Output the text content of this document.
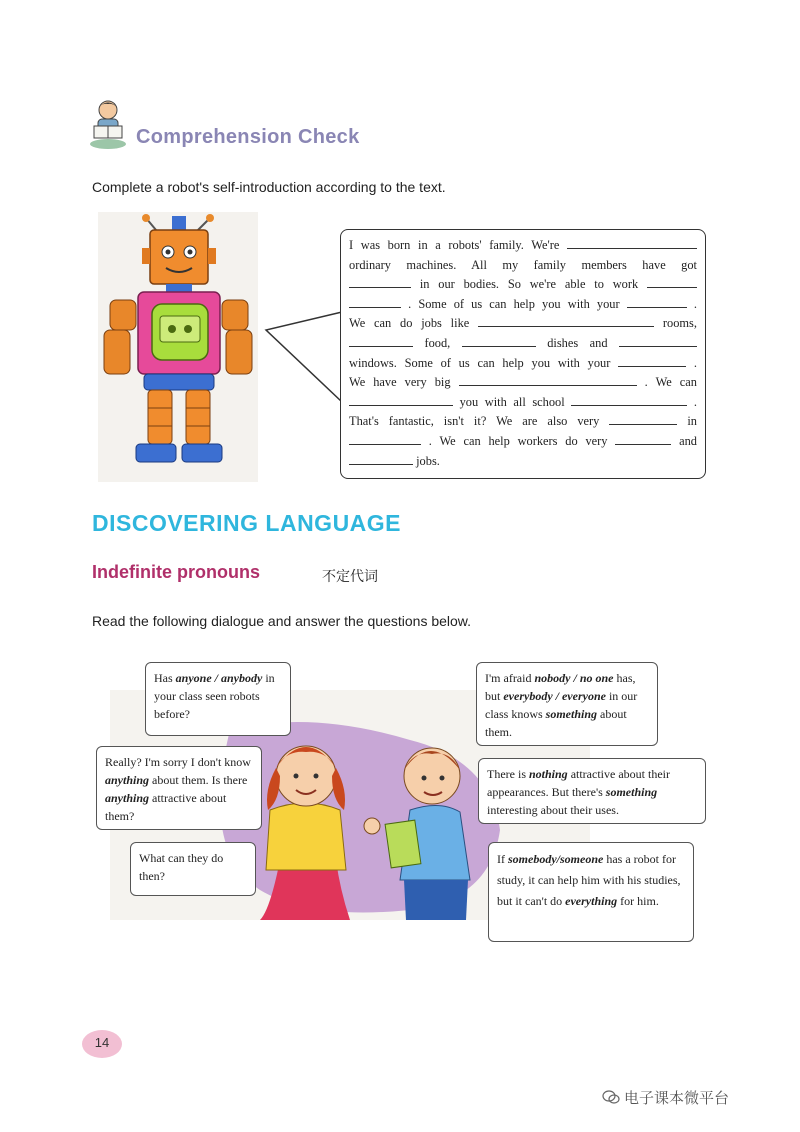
Comprehension Check
Complete a robot's self-introduction according to the text.
I was born in a robots' family. We're
ordinary machines. All my family members have got
in our bodies. So we're able to work
. Some of us can help you with your	.
We can do jobs like	rooms,
food,	dishes and
windows. Some of us can help you with your	.
We have very big	. We can
you with all school	.
That's fantastic, isn't it? We are also very	in
. We can help workers do very	and
jobs.
DISCOVERING LANGUAGE
Indefinite pronouns	不定代词
Read the following dialogue and answer the questions below.
Has anyone / anybody in your class seen robots before?
Really? I'm sorry I don't know anything about them. Is there anything attractive about them?
What can they do then?
I'm afraid nobody / no one has, but everybody / everyone in our class knows something about them.
There is nothing attractive about their appearances. But there's something interesting about their uses.
If somebody/someone has a robot for study, it can help him with his studies, but it can't do everything for him.
14
电子课本微平台
